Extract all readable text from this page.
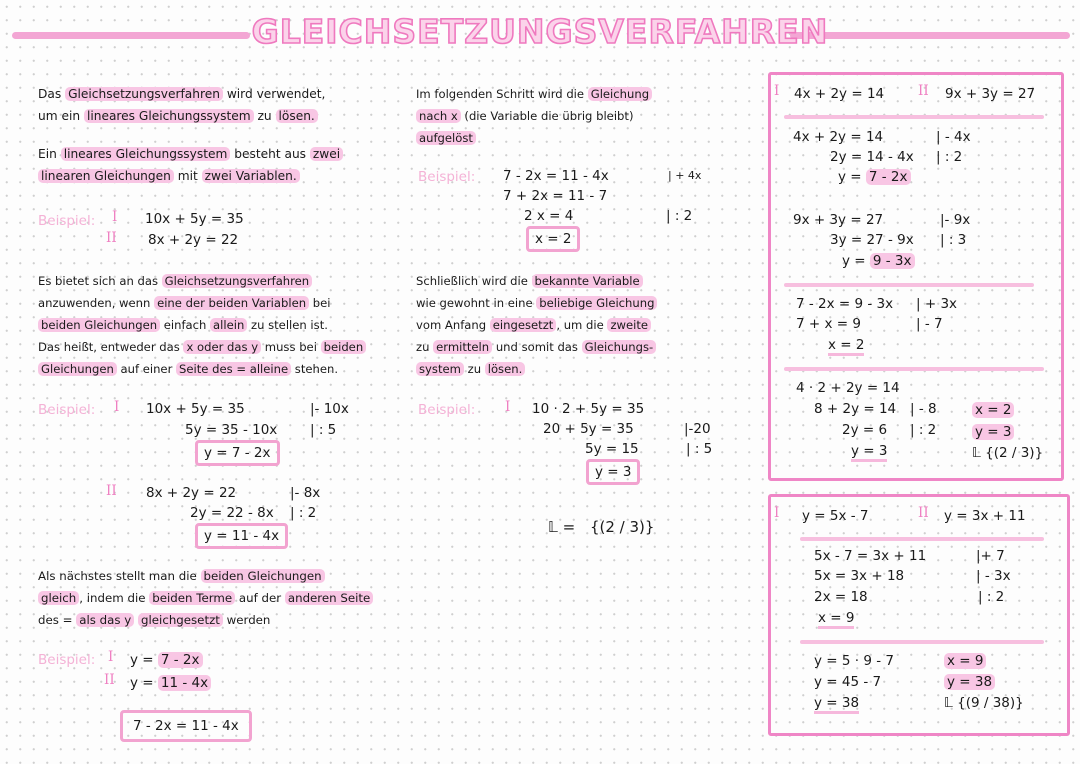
GLEICHSETZUNGSVERFAHREN
Das Gleichsetzungsverfahren wird verwendet,
um ein lineares Gleichungssystem zu lösen.
Ein lineares Gleichungssystem besteht aus zwei
linearen Gleichungen mit zwei Variablen.
Beispiel: I 10x + 5y = 35
II 8x + 2y = 22
Es bietet sich an das Gleichsetzungsverfahren
anzuwenden, wenn eine der beiden Variablen bei
beiden Gleichungen einfach allein zu stellen ist.
Das heißt, entweder das x oder das y muss bei beiden
Gleichungen auf einer Seite des = alleine stehen.
Beispiel: I 10x + 5y = 35	|- 10x
5y = 35 - 10x | : 5
y = 7 - 2x
II 8x + 2y = 22	|- 8x
2y = 22 - 8x | : 2
y = 11 - 4x
Als nächstes stellt man die beiden Gleichungen
gleich , indem die beiden Terme auf der anderen Seite
des = als das y gleichgesetzt werden
Beispiel: I y = 7 - 2x
II y = 11 - 4x
7 - 2x = 11 - 4x
Im folgenden Schritt wird die Gleichung
nach x (die Variable die übrig bleibt)
aufgelöst
Beispiel: 7 - 2x = 11 - 4x	| + 4x
7 + 2x = 11 - 7
2 x = 4	| : 2
x = 2
Schließlich wird die bekannte Variable
wie gewohnt in eine beliebige Gleichung
vom Anfang eingesetzt , um die zweite
zu ermitteln und somit das Gleichungs-
system zu lösen.
Beispiel: I 10 · 2 + 5y = 35
20 + 5y = 35	|-20
5y = 15	| : 5
y = 3
𝕃 = {(2 / 3)}
I 4x + 2y = 14	II 9x + 3y = 27
4x + 2y = 14	| - 4x
2y = 14 - 4x | : 2
y = 7 - 2x
9x + 3y = 27	|- 9x
3y = 27 - 9x | : 3
y = 9 - 3x
7 - 2x = 9 - 3x | + 3x
7 + x = 9	| - 7
x = 2
4 · 2 + 2y = 14
8 + 2y = 14 | - 8
2y = 6 | : 2
y = 3
x = 2
y = 3
𝕃 {(2 / 3)}
I y = 5x - 7	II y = 3x + 11
5x - 7 = 3x + 11	|+ 7
5x = 3x + 18	| - 3x
2x = 18	| : 2
x = 9
y = 5 · 9 - 7
y = 45 - 7
y = 38
x = 9
y = 38
𝕃 {(9 / 38)}
